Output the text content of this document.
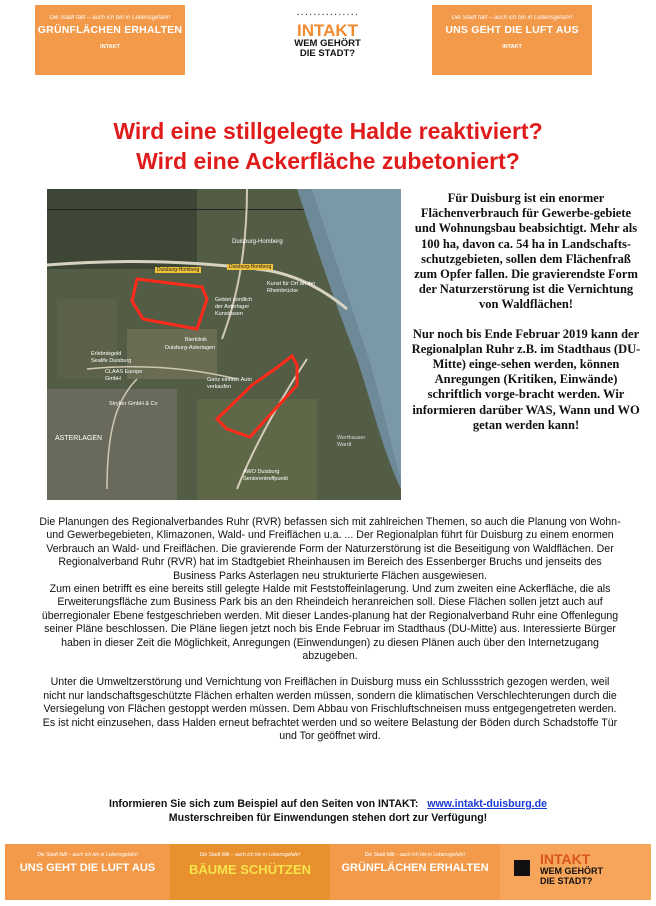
Die Stadt fällt – auch ich bin in Lebensgefahr!
GRÜNFLÄCHEN ERHALTEN
INTAKT
▪ ▪ ▪ ▪ ▪ ▪ ▪ ▪ ▪ ▪ ▪ ▪ ▪ ▪ ▪
INTAKT
WEM GEHÖRT
DIE STADT?
Die Stadt fällt – auch ich bin in Lebensgefahr!
UNS GEHT DIE LUFT AUS
INTAKT
Wird eine stillgelegte Halde reaktiviert?
Wird eine Ackerfläche zubetoniert?
Duisburg-Homberg
Duisburg-Homberg	Duisburg-Homberg
Kunst für Ort an der Rheinbrücke
Gebiet nördlich der Asterlager Kunstrasen
Bierklinik
Duisburg-Asterlagen
Erlebnisgold Sealife Duisburg
CLAAS Europe GmbH	Ganz einfach Auto verkaufen
Stryker GmbH & Co
ASTERLAGEN
AWO Duisburg Seniorentreffpunkt
Werthauser Wardt

Für Duisburg ist ein enormer Flächenverbrauch für Gewerbe-gebiete und Wohnungsbau beabsichtigt. Mehr als 100 ha, davon ca. 54 ha in Landschafts-schutzgebieten, sollen dem Flächenfraß zum Opfer fallen. Die gravierendste Form der Naturzerstörung ist die Vernichtung von Waldflächen!

Nur noch bis Ende Februar 2019 kann der Regionalplan Ruhr z.B. im Stadthaus (DU-Mitte) einge-sehen werden, können Anregungen (Kritiken, Einwände) schriftlich vorge-bracht werden. Wir informieren darüber WAS, Wann und WO getan werden kann!

Die Planungen des Regionalverbandes Ruhr (RVR) befassen sich mit zahlreichen Themen, so auch die Planung von Wohn- und Gewerbegebieten, Klimazonen, Wald- und Freiflächen u.a. ... Der Regionalplan führt für Duisburg zu einem enormen Verbrauch an Wald- und Freiflächen. Die gravierende Form der Naturzerstörung ist die Beseitigung von Waldflächen. Der Regionalverband Ruhr (RVR) hat im Stadtgebiet Rheinhausen im Bereich des Essenberger Bruchs und jenseits des Business Parks Asterlagen neu strukturierte Flächen ausgewiesen.

Zum einen betrifft es eine bereits still gelegte Halde mit Feststoffeinlagerung. Und zum zweiten eine Ackerfläche, die als Erweiterungsfläche zum Business Park bis an den Rheindeich heranreichen soll. Diese Flächen sollen jetzt auch auf überregionaler Ebene festgeschrieben werden. Mit dieser Landes-planung hat der Regionalverband Ruhr eine Offenlegung seiner Pläne beschlossen. Die Pläne liegen jetzt noch bis Ende Februar im Stadthaus (DU-Mitte) aus. Interessierte Bürger haben in dieser Zeit die Möglichkeit, Anregungen (Einwendungen) zu diesen Plänen auch über den Internetzugang abzugeben.

Unter die Umweltzerstörung und Vernichtung von Freiflächen in Duisburg muss ein Schlussstrich gezogen werden, weil nicht nur landschaftsgeschützte Flächen erhalten werden müssen, sondern die klimatischen Verschlechterungen durch die Versiegelung von Flächen gestoppt werden müssen. Dem Abbau von Frischluftschneisen muss entgegengetreten werden. Es ist nicht einzusehen, dass Halden erneut befrachtet werden und so weitere Belastung der Böden durch Schadstoffe Tür und Tor geöffnet wird.

Informieren Sie sich zum Beispiel auf den Seiten von INTAKT: www.intakt-duisburg.de
Musterschreiben für Einwendungen stehen dort zur Verfügung!
Die Stadt fällt – auch ich bin in Lebensgefahr!
UNS GEHT DIE LUFT AUS
Die Stadt fällt – auch ich bin in Lebensgefahr!
BÄUME SCHÜTZEN
Die Stadt fällt – auch ich bin in Lebensgefahr!
GRÜNFLÄCHEN ERHALTEN
INTAKT
WEM GEHÖRT
DIE STADT?
